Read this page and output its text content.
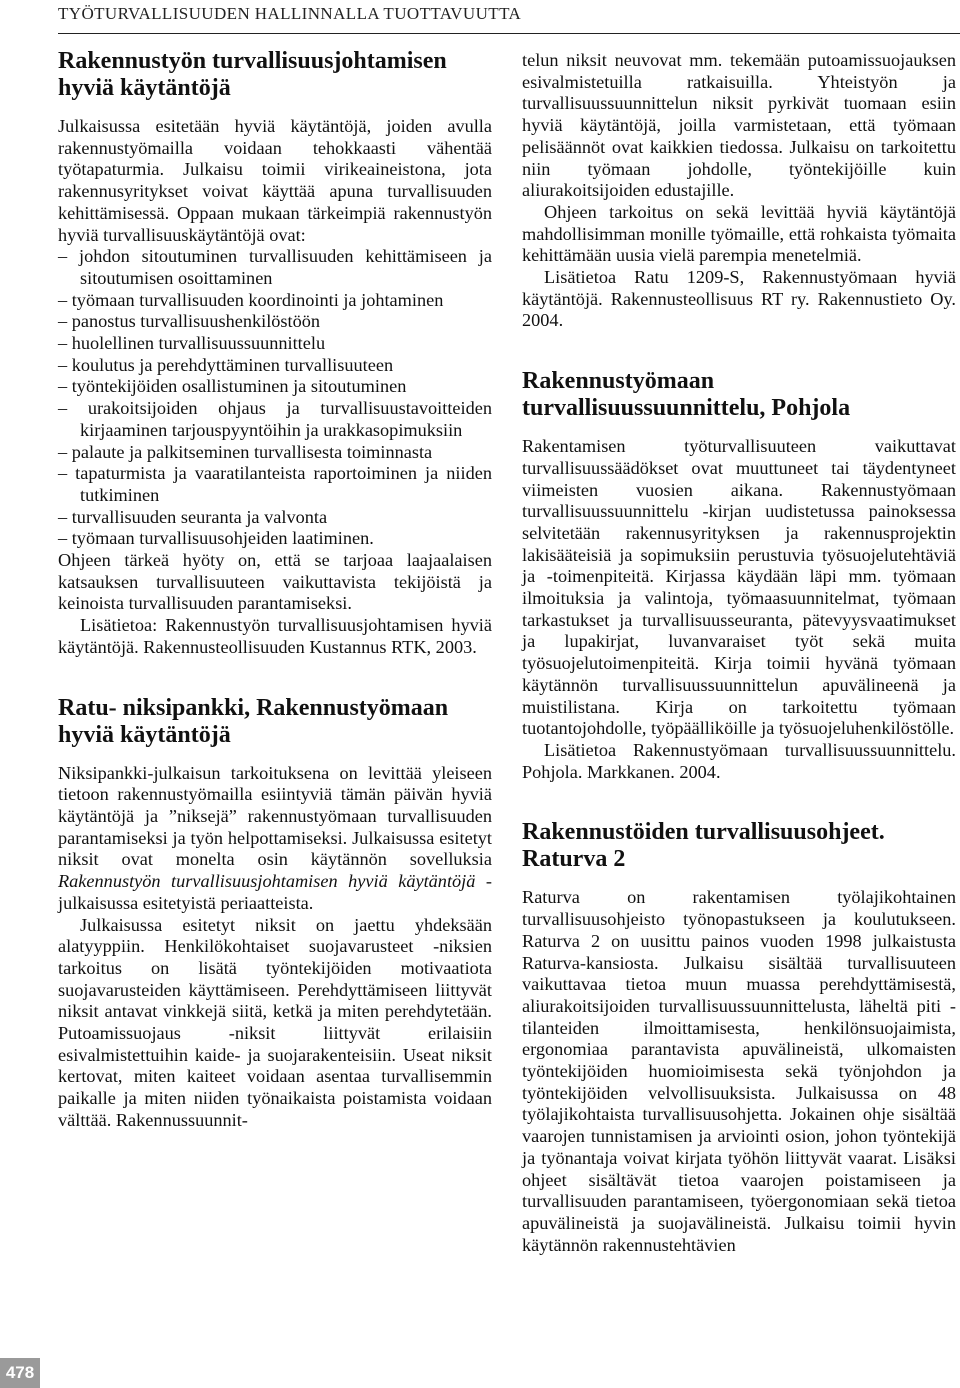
TYÖTURVALLISUUDEN HALLINNALLA TUOTTAVUUTTA
Rakennustyön turvallisuusjohtamisen hyviä käytäntöjä

Julkaisussa esitetään hyviä käytäntöjä, joiden avulla rakennustyömailla voidaan tehokkaasti vähentää työtapaturmia. Julkaisu toimii virikeaineistona, jota rakennusyritykset voivat käyttää apuna turvallisuuden kehittämisessä. Oppaan mukaan tärkeimpiä rakennustyön hyviä turvallisuuskäytäntöjä ovat:

– johdon sitoutuminen turvallisuuden kehittämiseen ja sitoutumisen osoittaminen
– työmaan turvallisuuden koordinointi ja johtaminen
– panostus turvallisuushenkilöstöön
– huolellinen turvallisuussuunnittelu
– koulutus ja perehdyttäminen turvallisuuteen
– työntekijöiden osallistuminen ja sitoutuminen
– urakoitsijoiden ohjaus ja turvallisuustavoitteiden kirjaaminen tarjouspyyntöihin ja urakkasopimuksiin
– palaute ja palkitseminen turvallisesta toiminnasta
– tapaturmista ja vaaratilanteista raportoiminen ja niiden tutkiminen
– turvallisuuden seuranta ja valvonta
– työmaan turvallisuusohjeiden laatiminen.

Ohjeen tärkeä hyöty on, että se tarjoaa laajaalaisen katsauksen turvallisuuteen vaikuttavista tekijöistä ja keinoista turvallisuuden parantamiseksi.

Lisätietoa: Rakennustyön turvallisuusjohtamisen hyviä käytäntöjä. Rakennusteollisuuden Kustannus RTK, 2003.

Ratu- niksipankki, Rakennustyömaan hyviä käytäntöjä

Niksipankki-julkaisun tarkoituksena on levittää yleiseen tietoon rakennustyömailla esiintyviä tämän päivän hyviä käytäntöjä ja ”niksejä” rakennustyömaan turvallisuuden parantamiseksi ja työn helpottamiseksi. Julkaisussa esitetyt niksit ovat monelta osin käytännön sovelluksia Rakennustyön turvallisuusjohtamisen hyviä käytäntöjä -julkaisussa esitetyistä periaatteista.

Julkaisussa esitetyt niksit on jaettu yhdeksään alatyyppiin. Henkilökohtaiset suojavarusteet -niksien tarkoitus on lisätä työntekijöiden motivaatiota suojavarusteiden käyttämiseen. Perehdyttämiseen liittyvät niksit antavat vinkkejä siitä, ketkä ja miten perehdytetään. Putoamissuojaus -niksit liittyvät erilaisiin esivalmistettuihin kaide- ja suojarakenteisiin. Useat niksit kertovat, miten kaiteet voidaan asentaa turvallisemmin paikalle ja miten niiden työnaikaista poistamista voidaan välttää. Rakennussuunnit-

telun niksit neuvovat mm. tekemään putoamissuojauksen esivalmistetuilla ratkaisuilla. Yhteistyön ja turvallisuussuunnittelun niksit pyrkivät tuomaan esiin hyviä käytäntöjä, joilla varmistetaan, että työmaan pelisäännöt ovat kaikkien tiedossa. Julkaisu on tarkoitettu niin työmaan johdolle, työntekijöille kuin aliurakoitsijoiden edustajille.

Ohjeen tarkoitus on sekä levittää hyviä käytäntöjä mahdollisimman monille työmaille, että rohkaista työmaita kehittämään uusia vielä parempia menetelmiä.

Lisätietoa Ratu 1209-S, Rakennustyömaan hyviä käytäntöjä. Rakennusteollisuus RT ry. Rakennustieto Oy. 2004.

Rakennustyömaan turvallisuussuunnittelu, Pohjola

Rakentamisen työturvallisuuteen vaikuttavat turvallisuussäädökset ovat muuttuneet tai täydentyneet viimeisten vuosien aikana. Rakennustyömaan turvallisuussuunnittelu -kirjan uudistetussa painoksessa selvitetään rakennusyrityksen ja rakennusprojektin lakisääteisiä ja sopimuksiin perustuvia työsuojelutehtäviä ja -toimenpiteitä. Kirjassa käydään läpi mm. työmaan ilmoituksia ja valintoja, työmaasuunnitelmat, työmaan tarkastukset ja turvallisuusseuranta, pätevyysvaatimukset ja lupakirjat, luvanvaraiset työt sekä muita työsuojelutoimenpiteitä. Kirja toimii hyvänä työmaan käytännön turvallisuussuunnittelun apuvälineenä ja muistilistana. Kirja on tarkoitettu työmaan tuotantojohdolle, työpäälliköille ja työsuojeluhenkilöstölle.

Lisätietoa Rakennustyömaan turvallisuussuunnittelu. Pohjola. Markkanen. 2004.

Rakennustöiden turvallisuusohjeet. Raturva 2

Raturva on rakentamisen työlajikohtainen turvallisuusohjeisto työnopastukseen ja koulutukseen. Raturva 2 on uusittu painos vuoden 1998 julkaistusta Raturva-kansiosta. Julkaisu sisältää turvallisuuteen vaikuttavaa tietoa muun muassa perehdyttämisestä, aliurakoitsijoiden turvallisuussuunnittelusta, läheltä piti -tilanteiden ilmoittamisesta, henkilönsuojaimista, ergonomiaa parantavista apuvälineistä, ulkomaisten työntekijöiden huomioimisesta sekä työnjohdon ja työntekijöiden velvollisuuksista. Julkaisussa on 48 työlajikohtaista turvallisuusohjetta. Jokainen ohje sisältää vaarojen tunnistamisen ja arviointi osion, johon työntekijä ja työnantaja voivat kirjata työhön liittyvät vaarat. Lisäksi ohjeet sisältävät tietoa vaarojen poistamiseen ja turvallisuuden parantamiseen, työergonomiaan sekä tietoa apuvälineistä ja suojavälineistä. Julkaisu toimii hyvin käytännön rakennustehtävien

478
